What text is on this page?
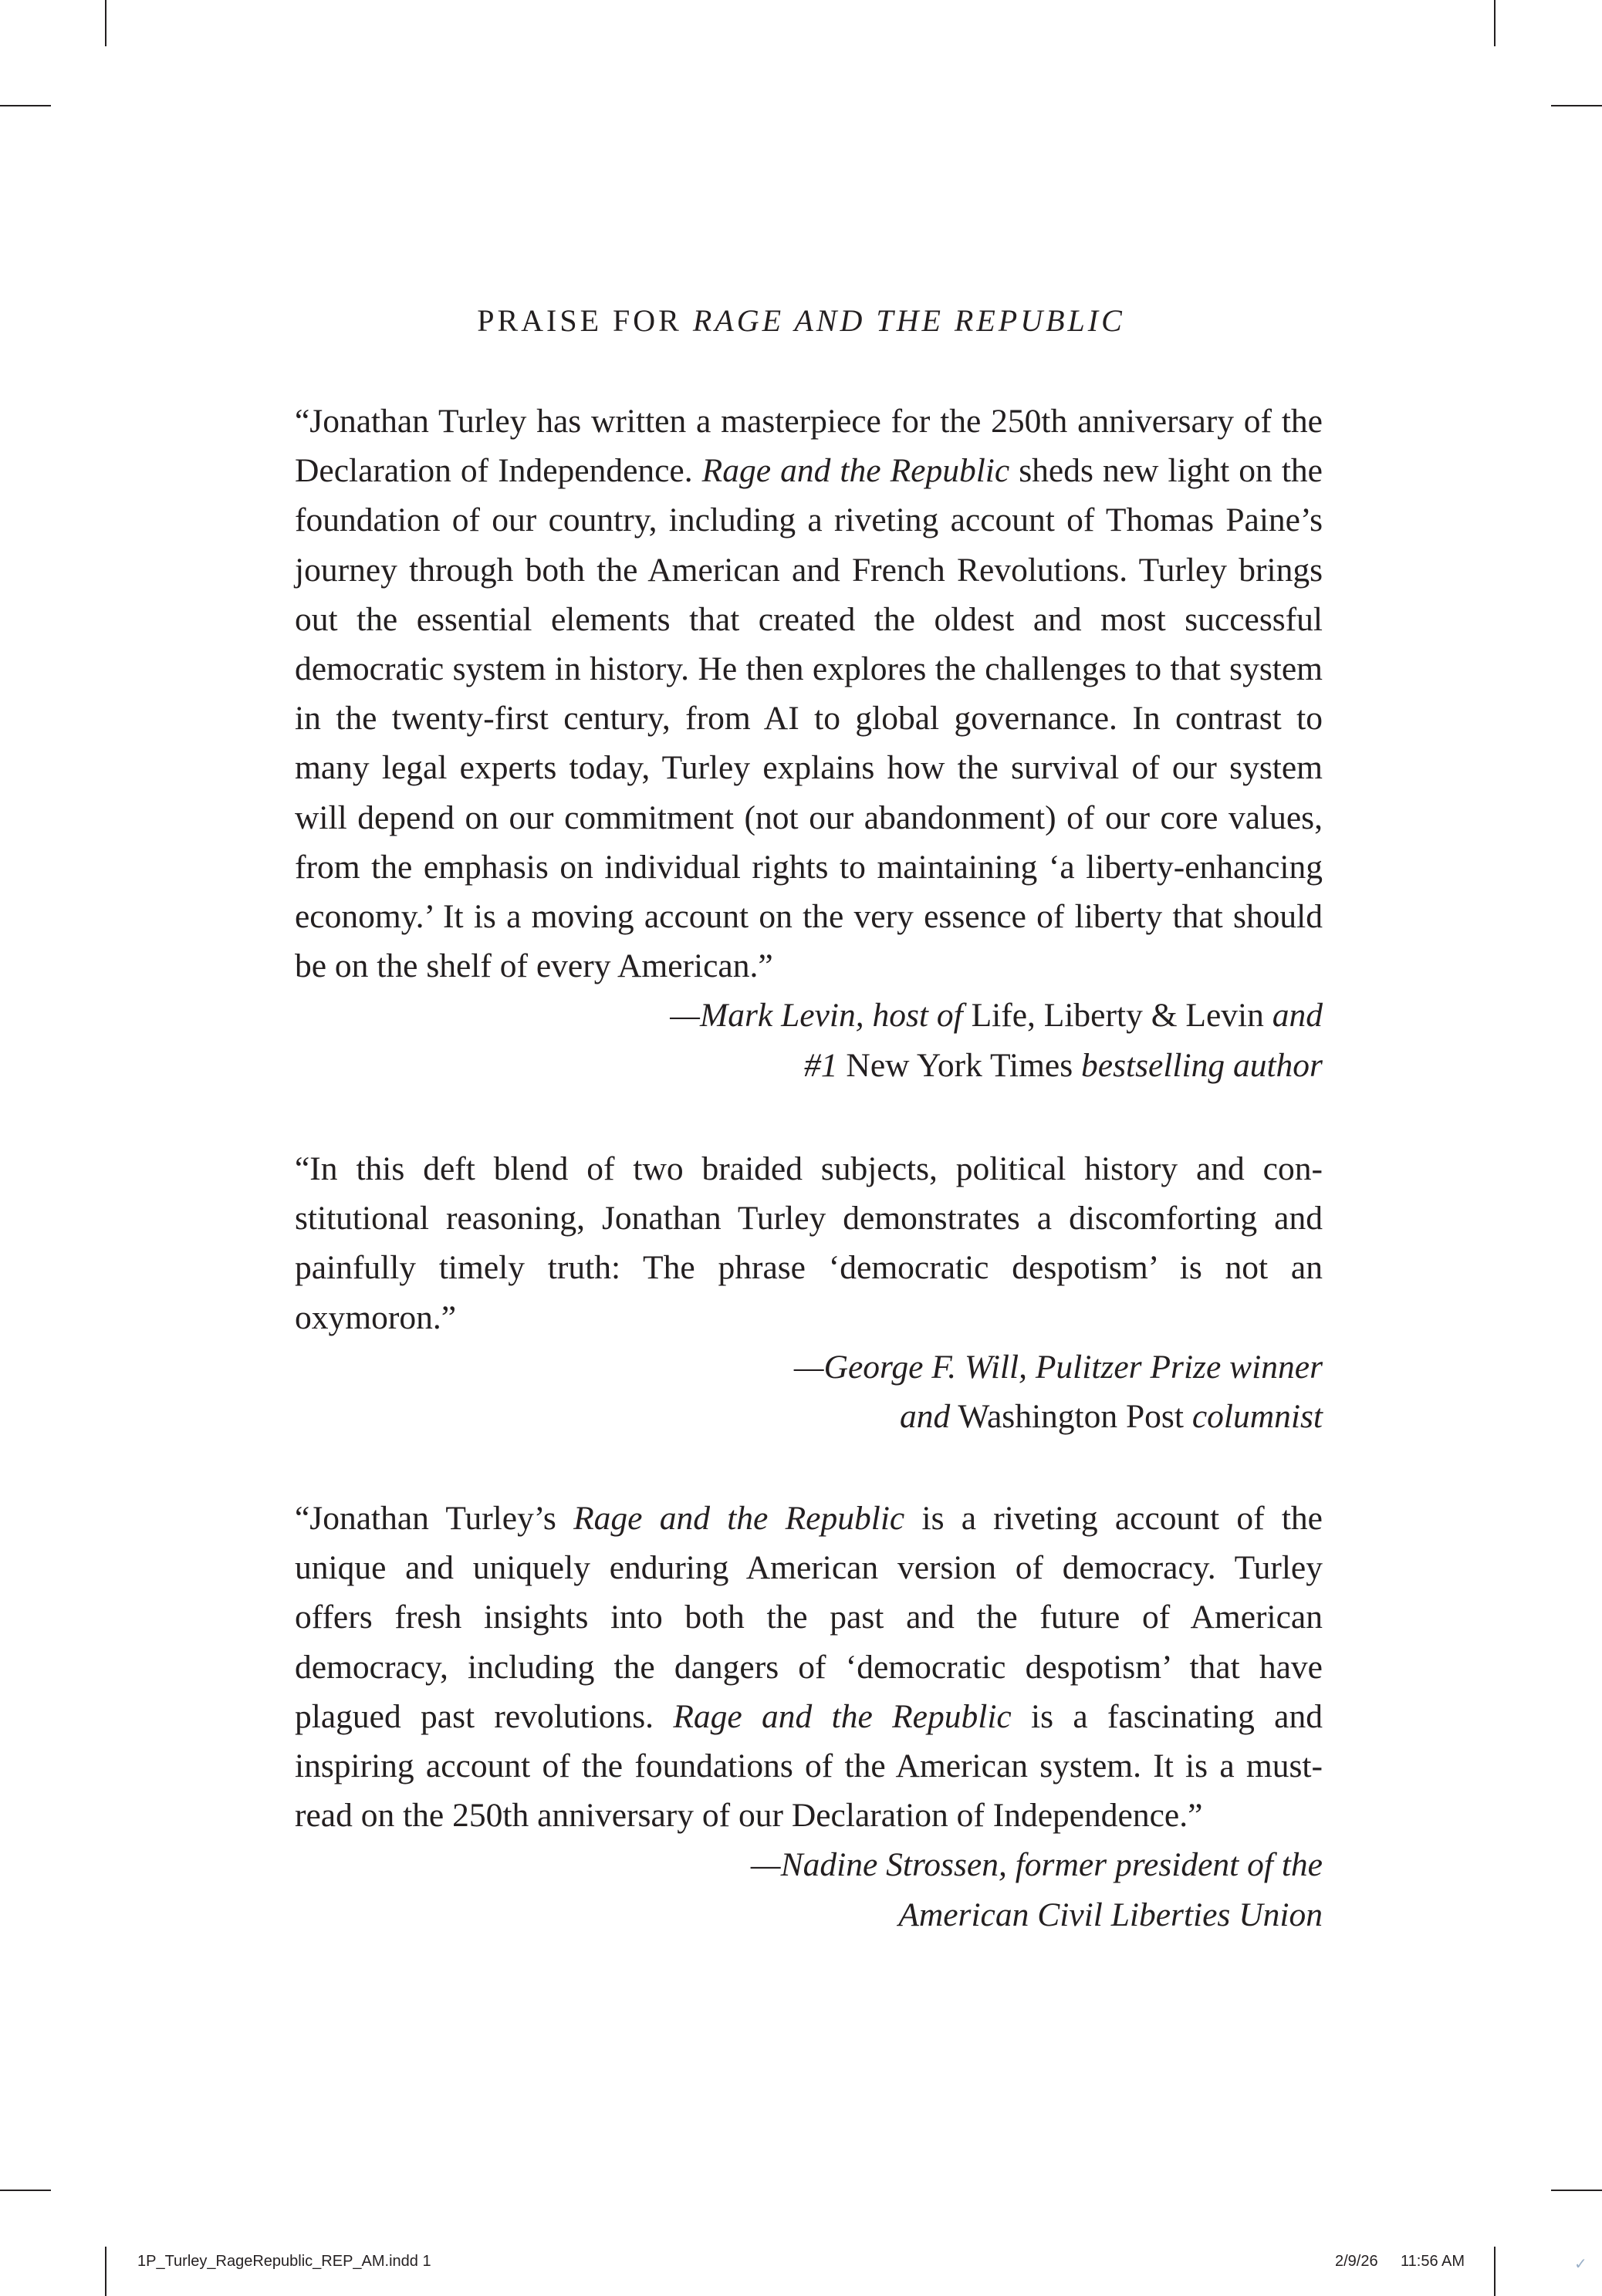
PRAISE FOR RAGE AND THE REPUBLIC

“Jonathan Turley has written a masterpiece for the 250th anniversary of the Declaration of Independence. Rage and the Republic sheds new light on the foundation of our country, including a riveting account of Thomas Paine’s journey through both the American and French Revolutions. Turley brings out the essential elements that created the oldest and most successful democratic system in history. He then explores the challenges to that system in the twenty-first century, from AI to global governance. In contrast to many legal experts today, Turley explains how the survival of our system will depend on our commitment (not our abandonment) of our core values, from the emphasis on individual rights to maintaining ‘a liberty-enhancing economy.’ It is a moving account on the very essence of liberty that should be on the shelf of every American.”

—Mark Levin, host of Life, Liberty & Levin and
#1 New York Times bestselling author

“In this deft blend of two braided subjects, political history and constitutional reasoning, Jonathan Turley demonstrates a discomforting and painfully timely truth: The phrase ‘democratic despotism’ is not an oxymoron.”

—George F. Will, Pulitzer Prize winner
and Washington Post columnist

“Jonathan Turley’s Rage and the Republic is a riveting account of the unique and uniquely enduring American version of democracy. Turley offers fresh insights into both the past and the future of American democracy, including the dangers of ‘democratic despotism’ that have plagued past revolutions. Rage and the Republic is a fascinating and inspiring account of the foundations of the American system. It is a must-read on the 250th anniversary of our Declaration of Independence.”

—Nadine Strossen, former president of the
American Civil Liberties Union
1P_Turley_RageRepublic_REP_AM.indd 1	2/9/26 11:56 AM	✓
